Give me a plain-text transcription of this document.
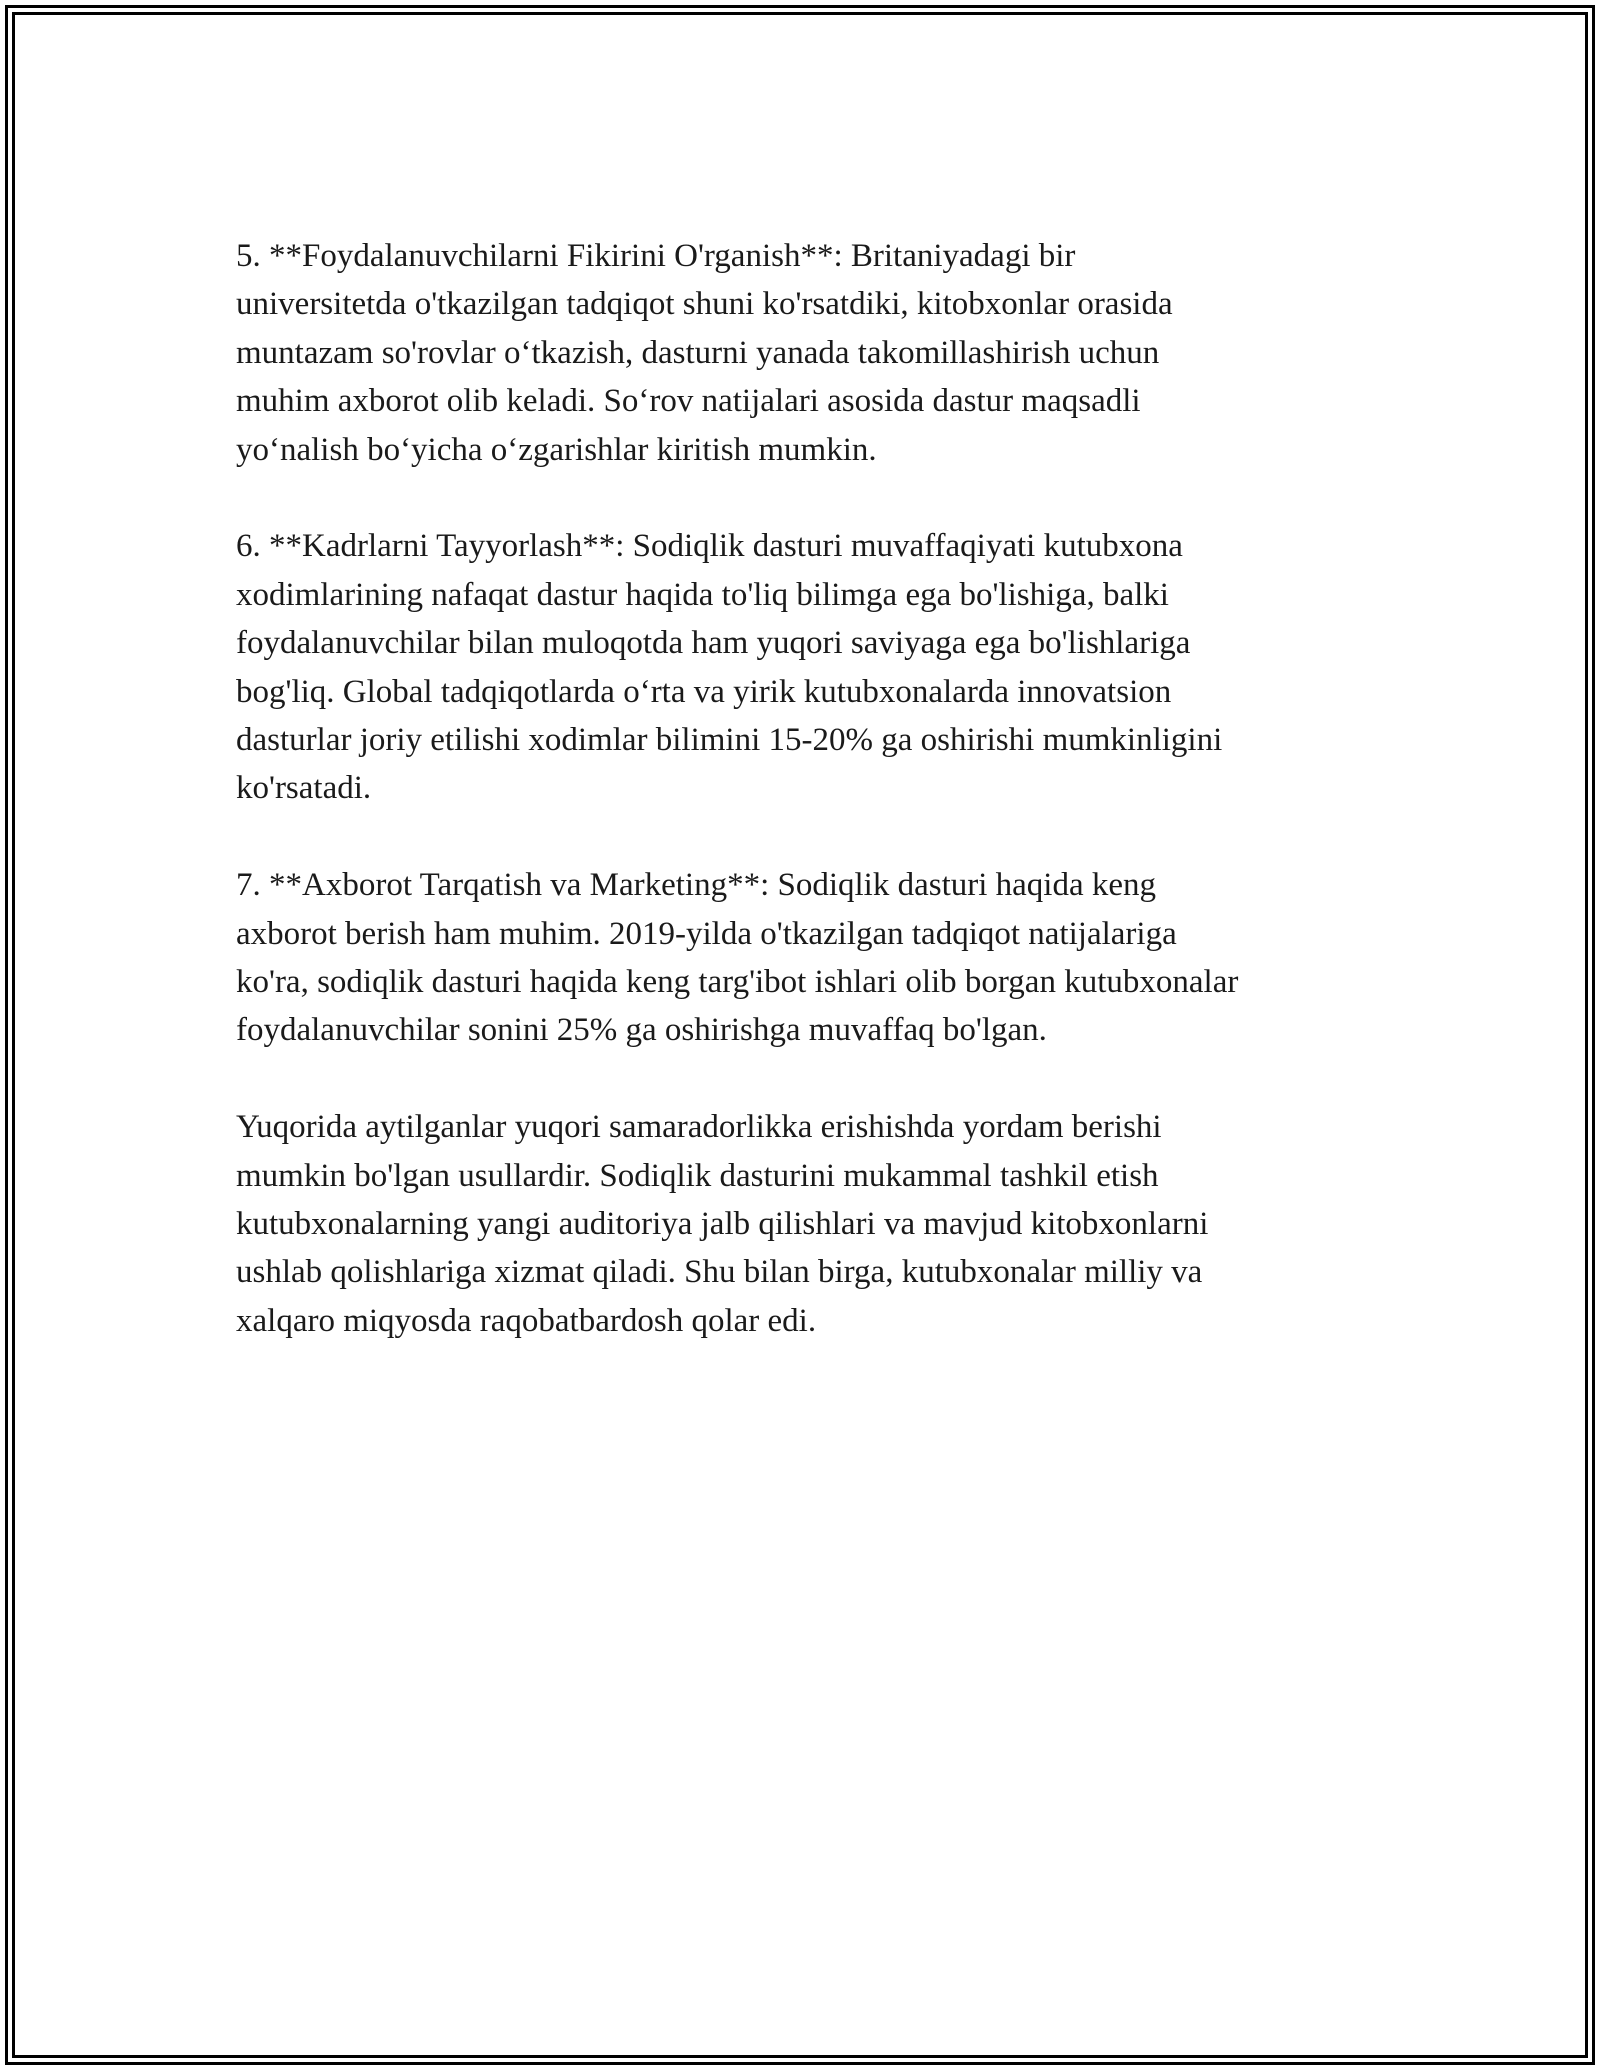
5. **Foydalanuvchilarni Fikirini O'rganish**: Britaniyadagi bir
universitetda o'tkazilgan tadqiqot shuni ko'rsatdiki, kitobxonlar orasida
muntazam so'rovlar o‘tkazish, dasturni yanada takomillashirish uchun
muhim axborot olib keladi. So‘rov natijalari asosida dastur maqsadli
yo‘nalish bo‘yicha o‘zgarishlar kiritish mumkin.

6. **Kadrlarni Tayyorlash**: Sodiqlik dasturi muvaffaqiyati kutubxona
xodimlarining nafaqat dastur haqida to'liq bilimga ega bo'lishiga, balki
foydalanuvchilar bilan muloqotda ham yuqori saviyaga ega bo'lishlariga
bog'liq. Global tadqiqotlarda o‘rta va yirik kutubxonalarda innovatsion
dasturlar joriy etilishi xodimlar bilimini 15-20% ga oshirishi mumkinligini
ko'rsatadi.

7. **Axborot Tarqatish va Marketing**: Sodiqlik dasturi haqida keng
axborot berish ham muhim. 2019-yilda o'tkazilgan tadqiqot natijalariga
ko'ra, sodiqlik dasturi haqida keng targ'ibot ishlari olib borgan kutubxonalar
foydalanuvchilar sonini 25% ga oshirishga muvaffaq bo'lgan.

Yuqorida aytilganlar yuqori samaradorlikka erishishda yordam berishi
mumkin bo'lgan usullardir. Sodiqlik dasturini mukammal tashkil etish
kutubxonalarning yangi auditoriya jalb qilishlari va mavjud kitobxonlarni
ushlab qolishlariga xizmat qiladi. Shu bilan birga, kutubxonalar milliy va
xalqaro miqyosda raqobatbardosh qolar edi.
